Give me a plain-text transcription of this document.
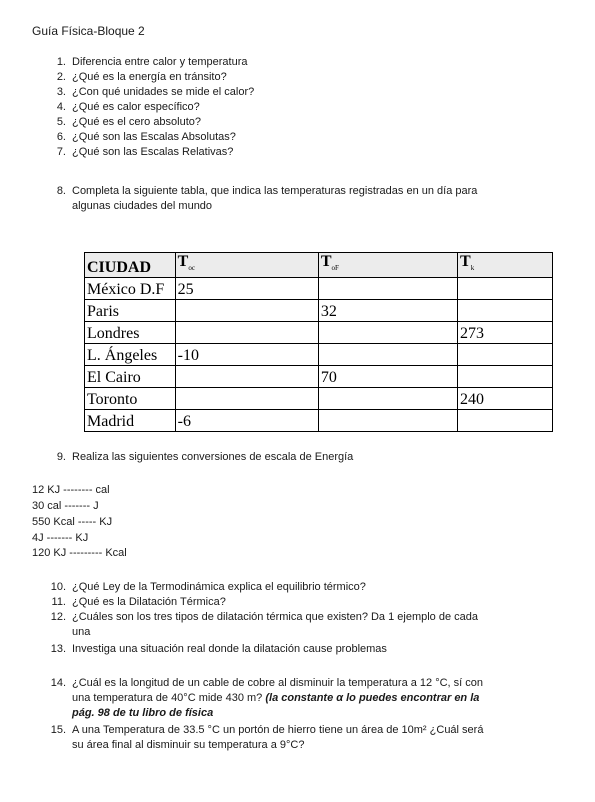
Guía Física-Bloque 2
1. Diferencia entre calor y temperatura
2. ¿Qué es la energía en tránsito?
3. ¿Con qué unidades se mide el calor?
4. ¿Qué es calor específico?
5. ¿Qué es el cero absoluto?
6. ¿Qué son las Escalas Absolutas?
7. ¿Qué son las Escalas Relativas?
8. Completa la siguiente tabla, que indica las temperaturas registradas en un día para
algunas ciudades del mundo
CIUDAD	$T_{oc}$	$T_{oF}$	$T_k$
México D.F	25		
Paris		32	
Londres			273
L. Ángeles	-10		
El Cairo		70	
Toronto			240
Madrid	-6		
9. Realiza las siguientes conversiones de escala de Energía
12 KJ -------- cal
30 cal ------- J
550 Kcal ----- KJ
4J ------- KJ
120 KJ --------- Kcal
10. ¿Qué Ley de la Termodinámica explica el equilibrio térmico?
11. ¿Qué es la Dilatación Térmica?
12. ¿Cuáles son los tres tipos de dilatación térmica que existen? Da 1 ejemplo de cada
una
13. Investiga una situación real donde la dilatación cause problemas
14. ¿Cuál es la longitud de un cable de cobre al disminuir la temperatura a 12 °C, sí con
una temperatura de 40°C mide 430 m? (la constante α lo puedes encontrar en la
pág. 98 de tu libro de física
15. A una Temperatura de 33.5 °C un portón de hierro tiene un área de 10m² ¿Cuál será
su área final al disminuir su temperatura a 9°C?
